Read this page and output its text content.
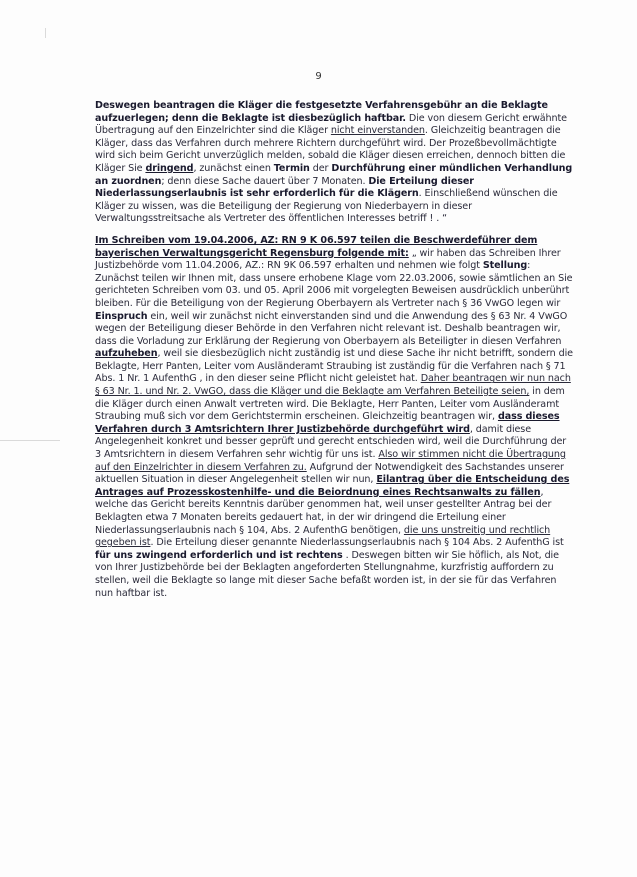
9

Deswegen beantragen die Kläger die festgesetzte Verfahrensgebühr an die Beklagte aufzuerlegen; denn die Beklagte ist diesbezüglich haftbar. Die von diesem Gericht erwähnte Übertragung auf den Einzelrichter sind die Kläger nicht einverstanden. Gleichzeitig beantragen die Kläger, dass das Verfahren durch mehrere Richtern durchgeführt wird. Der Prozeßbevollmächtigte wird sich beim Gericht unverzüglich melden, sobald die Kläger diesen erreichen, dennoch bitten die Kläger Sie dringend, zunächst einen Termin der Durchführung einer mündlichen Verhandlung an zuordnen; denn diese Sache dauert über 7 Monaten. Die Erteilung dieser Niederlassungserlaubnis ist sehr erforderlich für die Klägern. Einschließend wünschen die Kläger zu wissen, was die Beteiligung der Regierung von Niederbayern in dieser Verwaltungsstreitsache als Vertreter des öffentlichen Interesses betriff ! . “

Im Schreiben vom 19.04.2006, AZ: RN 9 K 06.597 teilen die Beschwerdeführer dem bayerischen Verwaltungsgericht Regensburg folgende mit: „ wir haben das Schreiben Ihrer Justizbehörde vom 11.04.2006, AZ.: RN 9K 06.597 erhalten und nehmen wie folgt Stellung: Zunächst teilen wir Ihnen mit, dass unsere erhobene Klage vom 22.03.2006, sowie sämtlichen an Sie gerichteten Schreiben vom 03. und 05. April 2006 mit vorgelegten Beweisen ausdrücklich unberührt bleiben. Für die Beteiligung von der Regierung Oberbayern als Vertreter nach § 36 VwGO legen wir Einspruch ein, weil wir zunächst nicht einverstanden sind und die Anwendung des § 63 Nr. 4 VwGO wegen der Beteiligung dieser Behörde in den Verfahren nicht relevant ist. Deshalb beantragen wir, dass die Vorladung zur Erklärung der Regierung von Oberbayern als Beteiligter in diesen Verfahren aufzuheben, weil sie diesbezüglich nicht zuständig ist und diese Sache ihr nicht betrifft, sondern die Beklagte, Herr Panten, Leiter vom Ausländeramt Straubing ist zuständig für die Verfahren nach § 71 Abs. 1 Nr. 1 AufenthG , in den dieser seine Pflicht nicht geleistet hat. Daher beantragen wir nun nach § 63 Nr. 1. und Nr. 2. VwGO, dass die Kläger und die Beklagte am Verfahren Beteiligte seien, in dem die Kläger durch einen Anwalt vertreten wird. Die Beklagte, Herr Panten, Leiter vom Ausländeramt Straubing muß sich vor dem Gerichtstermin erscheinen. Gleichzeitig beantragen wir, dass dieses Verfahren durch 3 Amtsrichtern Ihrer Justizbehörde durchgeführt wird, damit diese Angelegenheit konkret und besser geprüft und gerecht entschieden wird, weil die Durchführung der 3 Amtsrichtern in diesem Verfahren sehr wichtig für uns ist. Also wir stimmen nicht die Übertragung auf den Einzelrichter in diesem Verfahren zu. Aufgrund der Notwendigkeit des Sachstandes unserer aktuellen Situation in dieser Angelegenheit stellen wir nun, Eilantrag über die Entscheidung des Antrages auf Prozesskostenhilfe- und die Beiordnung eines Rechtsanwalts zu fällen, welche das Gericht bereits Kenntnis darüber genommen hat, weil unser gestellter Antrag bei der Beklagten etwa 7 Monaten bereits gedauert hat, in der wir dringend die Erteilung einer Niederlassungserlaubnis nach § 104, Abs. 2 AufenthG benötigen, die uns unstreitig und rechtlich gegeben ist. Die Erteilung dieser genannte Niederlassungserlaubnis nach § 104 Abs. 2 AufenthG ist für uns zwingend erforderlich und ist rechtens . Deswegen bitten wir Sie höflich, als Not, die von Ihrer Justizbehörde bei der Beklagten angeforderten Stellungnahme, kurzfristig auffordern zu stellen, weil die Beklagte so lange mit dieser Sache befaßt worden ist, in der sie für das Verfahren nun haftbar ist.
